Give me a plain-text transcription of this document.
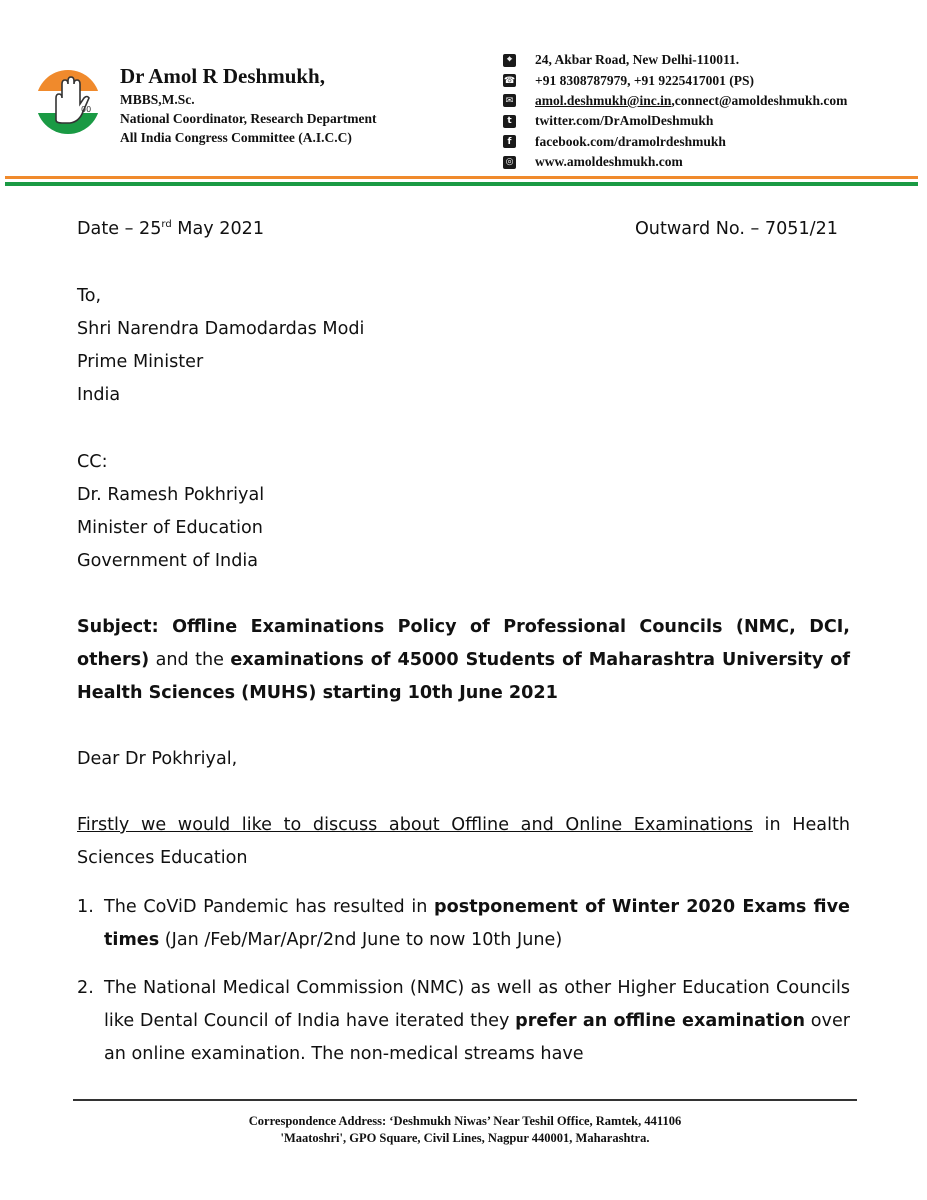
00
Dr Amol R Deshmukh,
MBBS,M.Sc.
National Coordinator, Research Department
All India Congress Committee (A.I.C.C)
⌖ 24, Akbar Road, New Delhi-110011.
☎ +91 8308787979, +91 9225417001 (PS)
✉ amol.deshmukh@inc.in ,connect@amoldeshmukh.com
t	twitter.com/DrAmolDeshmukh
f	facebook.com/dramolrdeshmukh
◎ www.amoldeshmukh.com
Date – 25rd May 2021	Outward No. – 7051/21
To,
Shri Narendra Damodardas Modi
Prime Minister
India
CC:
Dr. Ramesh Pokhriyal
Minister of Education
Government of India
Subject: Offline Examinations Policy of Professional Councils (NMC, DCI, others) and the examinations of 45000 Students of Maharashtra University of Health Sciences (MUHS) starting 10th June 2021
Dear Dr Pokhriyal,
Firstly we would like to discuss about Offline and Online Examinations in Health Sciences Education
1. The CoViD Pandemic has resulted in postponement of Winter 2020 Exams five times (Jan /Feb/Mar/Apr/2nd June to now 10th June)
2. The National Medical Commission (NMC) as well as other Higher Education Councils like Dental Council of India have iterated they prefer an offline examination over an online examination. The non-medical streams have
Correspondence Address: ‘Deshmukh Niwas’ Near Teshil Office, Ramtek, 441106
'Maatoshri', GPO Square, Civil Lines, Nagpur 440001, Maharashtra.
